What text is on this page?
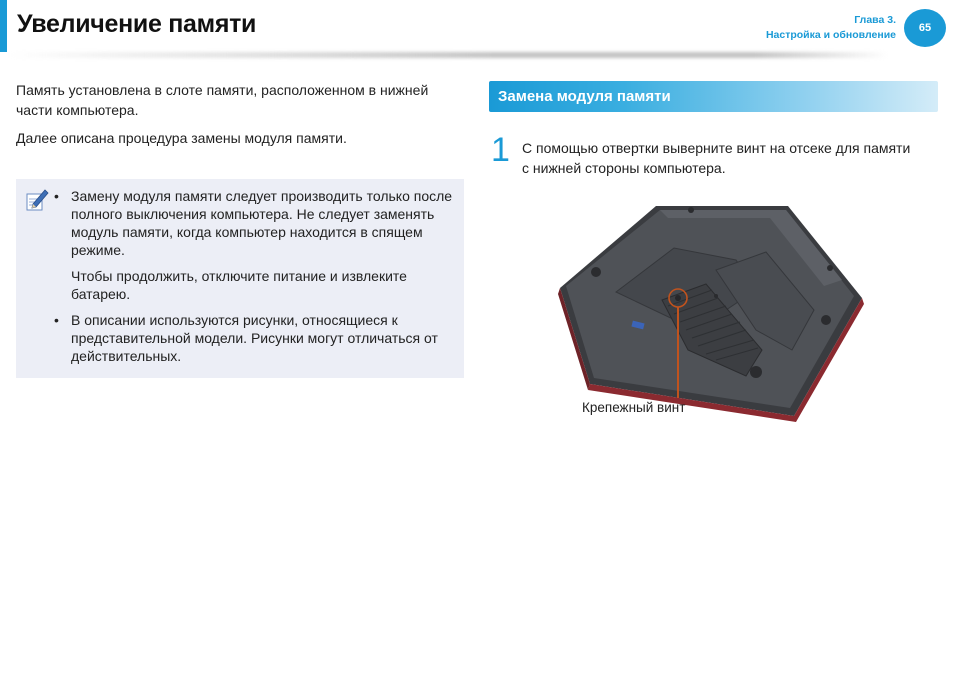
Увеличение памяти	Глава 3.
Настройка и обновление
65

Память установлена в слоте памяти, расположенном в нижней части компьютера.

Далее описана процедура замены модуля памяти.

• Замену модуля памяти следует производить только после полного выключения компьютера. Не следует заменять модуль памяти, когда компьютер находится в спящем режиме.

Чтобы продолжить, отключите питание и извлеките батарею.

• В описании используются рисунки, относящиеся к представительной модели. Рисунки могут отличаться от действительных.

Замена модуля памяти
1 С помощью отвертки выверните винт на отсеке для памяти с нижней стороны компьютера.
Крепежный винт
